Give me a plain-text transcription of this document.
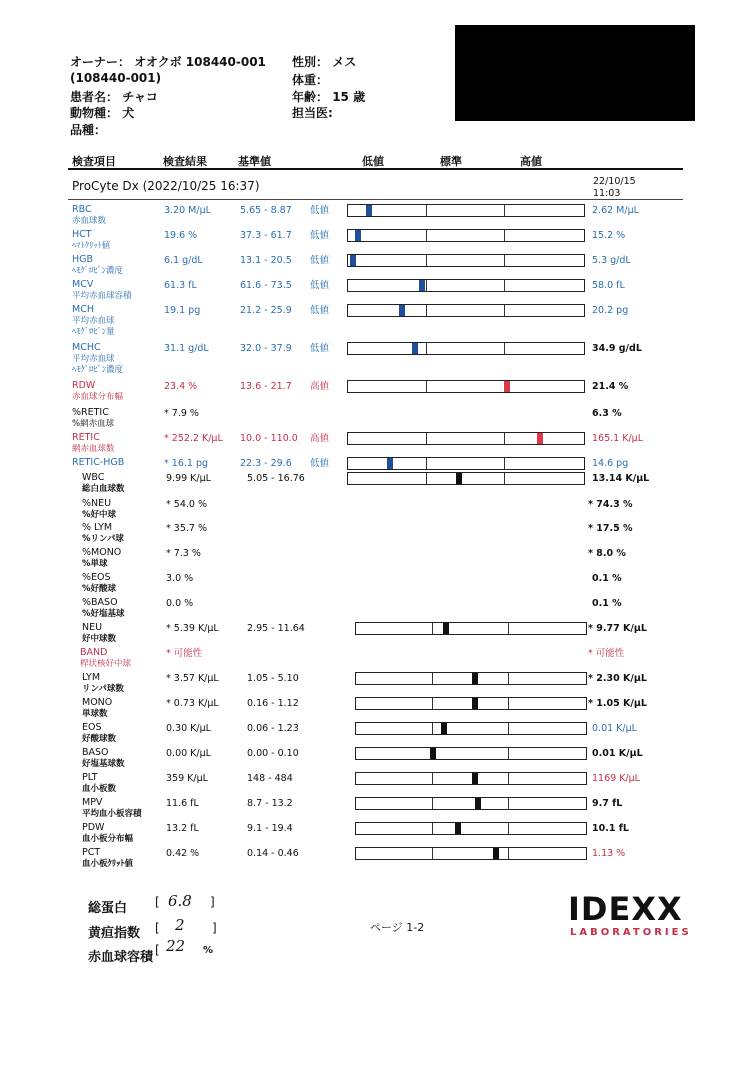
オーナー： オオクボ 108440-001
(108440-001)
患者名： チャコ
動物種： 犬
品種：
性別： メス
体重：
年齢： 15 歳
担当医:
検査項目	検査結果	基準値	低値	標準	高値
ProCyte Dx (2022/10/25 16:37)	22/10/15
11:03
RBC
赤血球数
3.20 M/μL	5.65 - 8.87 低値	2.62 M/μL
HCT
ﾍﾏﾄｸﾘｯﾄ値
19.6 %	37.3 - 61.7 低値	15.2 %
HGB
ﾍﾓｸﾞﾛﾋﾞﾝ濃度
6.1 g/dL	13.1 - 20.5 低値	5.3 g/dL
MCV
平均赤血球容積
61.3 fL	61.6 - 73.5 低値	58.0 fL
MCH
平均赤血球
ﾍﾓｸﾞﾛﾋﾞﾝ量
19.1 pg	21.2 - 25.9 低値	20.2 pg
MCHC
平均赤血球
ﾍﾓｸﾞﾛﾋﾞﾝ濃度
31.1 g/dL	32.0 - 37.9 低値	34.9 g/dL
RDW
赤血球分布幅
23.4 %	13.6 - 21.7 高値	21.4 %
%RETIC
%網赤血球
* 7.9 %	6.3 %
RETIC
網赤血球数
* 252.2 K/μL 10.0 - 110.0 高値	165.1 K/μL
RETIC-HGB	* 16.1 pg	22.3 - 29.6 低値	14.6 pg
WBC
総白血球数
9.99 K/μL	5.05 - 16.76	13.14 K/μL
%NEU
%好中球
* 54.0 %	* 74.3 %
% LYM
%リンパ球
* 35.7 %	* 17.5 %
%MONO
%単球
* 7.3 %	* 8.0 %
%EOS
%好酸球
3.0 %	0.1 %
%BASO
%好塩基球
0.0 %	0.1 %
NEU
好中球数
* 5.39 K/μL	2.95 - 11.64	* 9.77 K/μL
BAND
桿状核好中球
* 可能性	* 可能性
LYM
リンパ球数
* 3.57 K/μL	1.05 - 5.10	* 2.30 K/μL
MONO
単球数
* 0.73 K/μL	0.16 - 1.12	* 1.05 K/μL
EOS
好酸球数
0.30 K/μL	0.06 - 1.23	0.01 K/μL
BASO
好塩基球数
0.00 K/μL	0.00 - 0.10	0.01 K/μL
PLT
血小板数
359 K/μL	148 - 484	1169 K/μL
MPV
平均血小板容積
11.6 fL	8.7 - 13.2	9.7 fL
PDW
血小板分布幅
13.2 fL	9.1 - 19.4	10.1 fL
PCT
血小板ｸﾘｯﾄ値
0.42 %	0.14 - 0.46	1.13 %
総蛋白 [ 6.8 ]
黄疸指数 [ 2 ]
赤血球容積 [ 22 %
ページ 1-2	IDEXX
LABORATORIES
